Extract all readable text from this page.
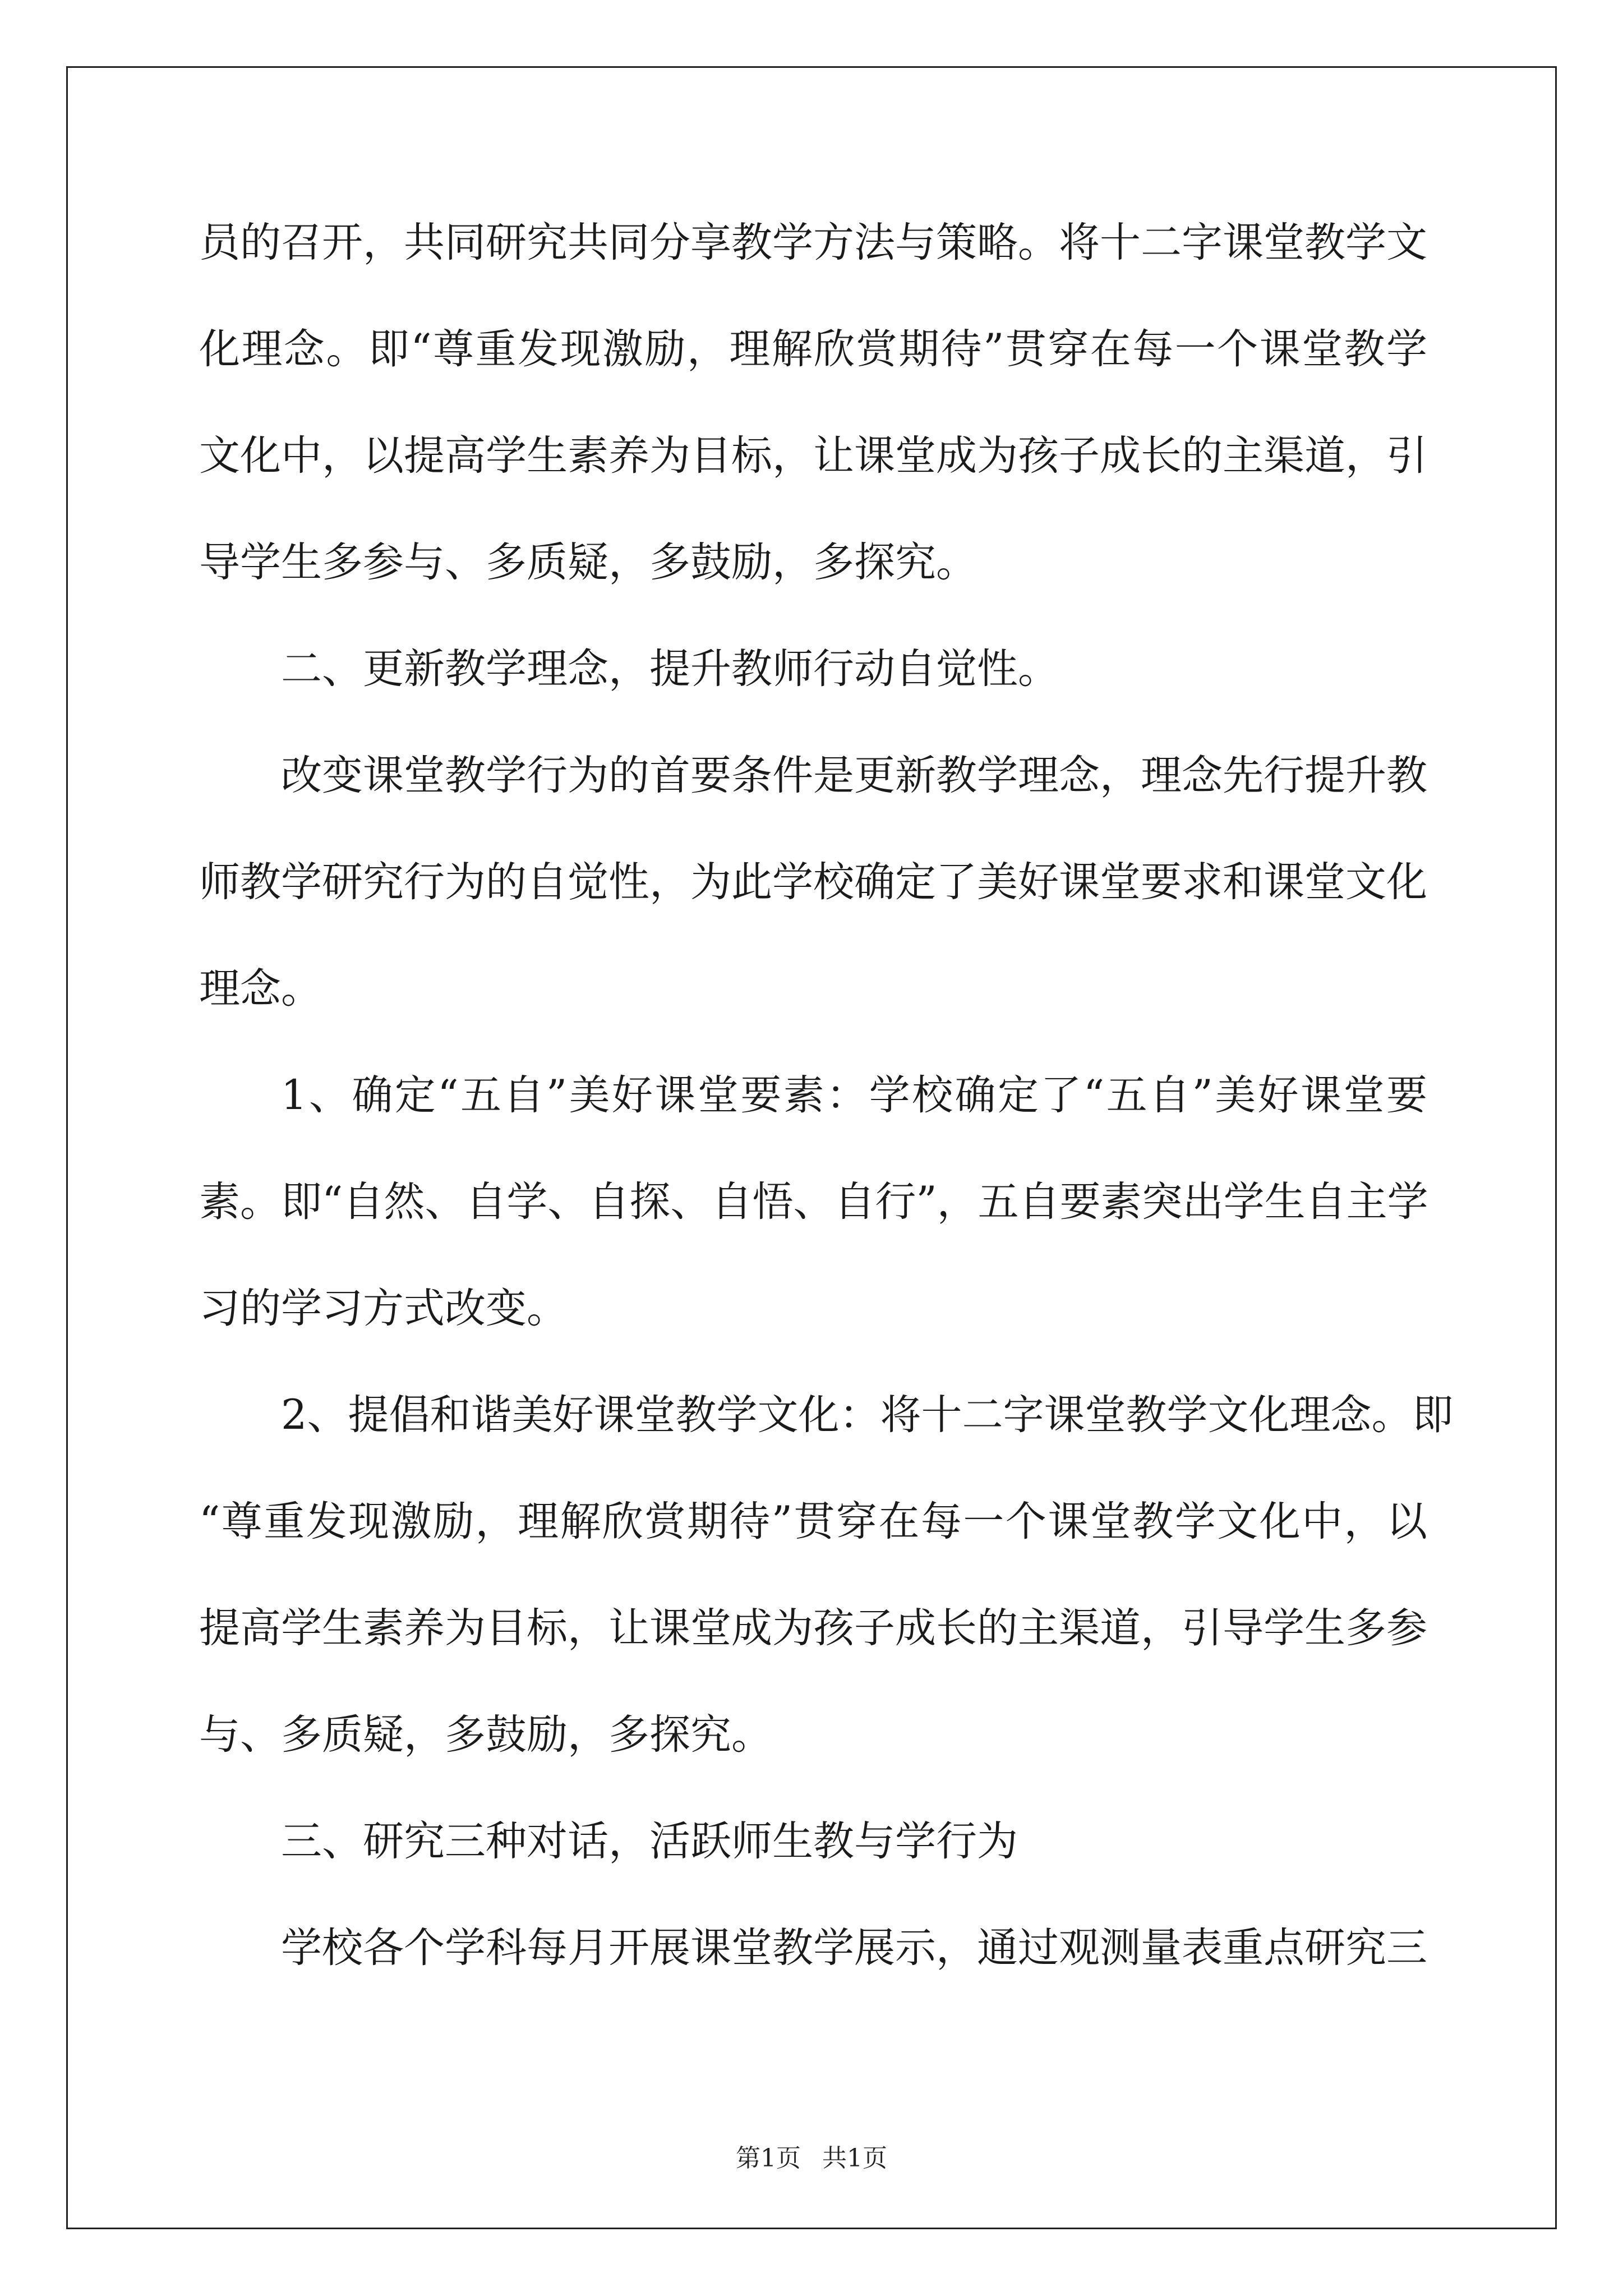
员的召开，共同研究共同分享教学方法与策略。将十二字课堂教学文
化理念。即“尊重发现激励，理解欣赏期待”贯穿在每一个课堂教学
文化中，以提高学生素养为目标，让课堂成为孩子成长的主渠道，引
导学生多参与、多质疑，多鼓励，多探究。
二、更新教学理念，提升教师行动自觉性。
改变课堂教学行为的首要条件是更新教学理念，理念先行提升教
师教学研究行为的自觉性，为此学校确定了美好课堂要求和课堂文化
理念。
1、确定“五自”美好课堂要素：学校确定了“五自”美好课堂要
素。即“自然、自学、自探、自悟、自行”，五自要素突出学生自主学
习的学习方式改变。
2、提倡和谐美好课堂教学文化：将十二字课堂教学文化理念。即
“尊重发现激励，理解欣赏期待”贯穿在每一个课堂教学文化中，以
提高学生素养为目标，让课堂成为孩子成长的主渠道，引导学生多参
与、多质疑，多鼓励，多探究。
三、研究三种对话，活跃师生教与学行为
学校各个学科每月开展课堂教学展示，通过观测量表重点研究三
第1页 共1页
